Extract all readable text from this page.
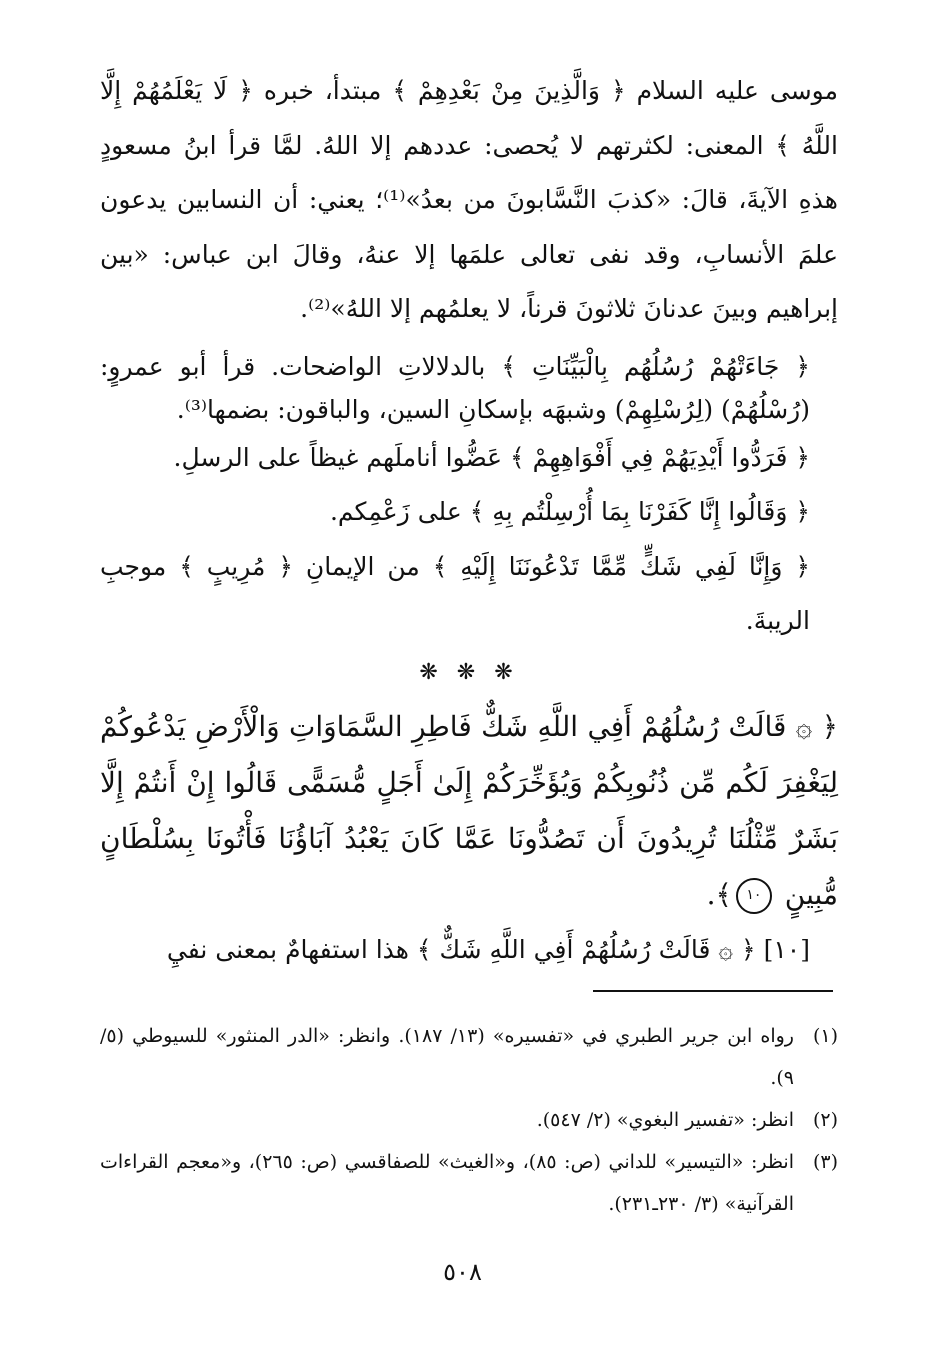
موسى عليه السلام ﴿ وَالَّذِينَ مِنْ بَعْدِهِمْ ﴾ مبتدأ، خبره ﴿ لَا يَعْلَمُهُمْ إِلَّا اللَّهُ ﴾ المعنى: لكثرتهم لا يُحصى: عددهم إلا اللهُ. لمَّا قرأ ابنُ مسعودٍ هذهِ الآيةَ، قالَ: «كذبَ النَّسَّابونَ من بعدُ»⁽¹⁾؛ يعني: أن النسابين يدعون علمَ الأنسابِ، وقد نفى تعالى علمَها إلا عنهُ، وقالَ ابن عباس: «بين إبراهيم وبينَ عدنانَ ثلاثونَ قرناً، لا يعلمُهم إلا اللهُ»⁽²⁾.

﴿ جَاءَتْهُمْ رُسُلُهُم بِالْبَيِّنَاتِ ﴾ بالدلالاتِ الواضحات. قرأ أبو عمروٍ: (رُسْلُهُمْ) (لِرُسْلِهِمْ) وشبهَه بإسكانِ السين، والباقون: بضمها⁽³⁾.

﴿ فَرَدُّوا أَيْدِيَهُمْ فِي أَفْوَاهِهِمْ ﴾ عَضُّوا أناملَهم غيظاً على الرسلِ.

﴿ وَقَالُوا إِنَّا كَفَرْنَا بِمَا أُرْسِلْتُم بِهِ ﴾ على زَعْمِكم.

﴿ وَإِنَّا لَفِي شَكٍّ مِّمَّا تَدْعُونَنَا إِلَيْهِ ﴾ من الإيمانِ ﴿ مُرِيبٍ ﴾ موجبِ الريبةَ.

❋ ❋ ❋

﴿ ۞ قَالَتْ رُسُلُهُمْ أَفِي اللَّهِ شَكٌّ فَاطِرِ السَّمَاوَاتِ وَالْأَرْضِ يَدْعُوكُمْ لِيَغْفِرَ لَكُم مِّن ذُنُوبِكُمْ وَيُؤَخِّرَكُمْ إِلَىٰ أَجَلٍ مُّسَمًّى قَالُوا إِنْ أَنتُمْ إِلَّا بَشَرٌ مِّثْلُنَا تُرِيدُونَ أَن تَصُدُّونَا عَمَّا كَانَ يَعْبُدُ آبَاؤُنَا فَأْتُونَا بِسُلْطَانٍ مُّبِينٍ ١٠﴾.

[١٠] ﴿ ۞ قَالَتْ رُسُلُهُمْ أَفِي اللَّهِ شَكٌّ ﴾ هذا استفهامٌ بمعنى نفيِ

(١)
رواه ابن جرير الطبري في «تفسيره» (١٣/ ١٨٧). وانظر: «الدر المنثور» للسيوطي (٥/ ٩).
(٢)
انظر: «تفسير البغوي» (٢/ ٥٤٧).
(٣)
انظر: «التيسير» للداني (ص: ٨٥)، و«الغيث» للصفاقسي (ص: ٢٦٥)، و«معجم القراءات القرآنية» (٣/ ٢٣٠ـ٢٣١).
٥٠٨
